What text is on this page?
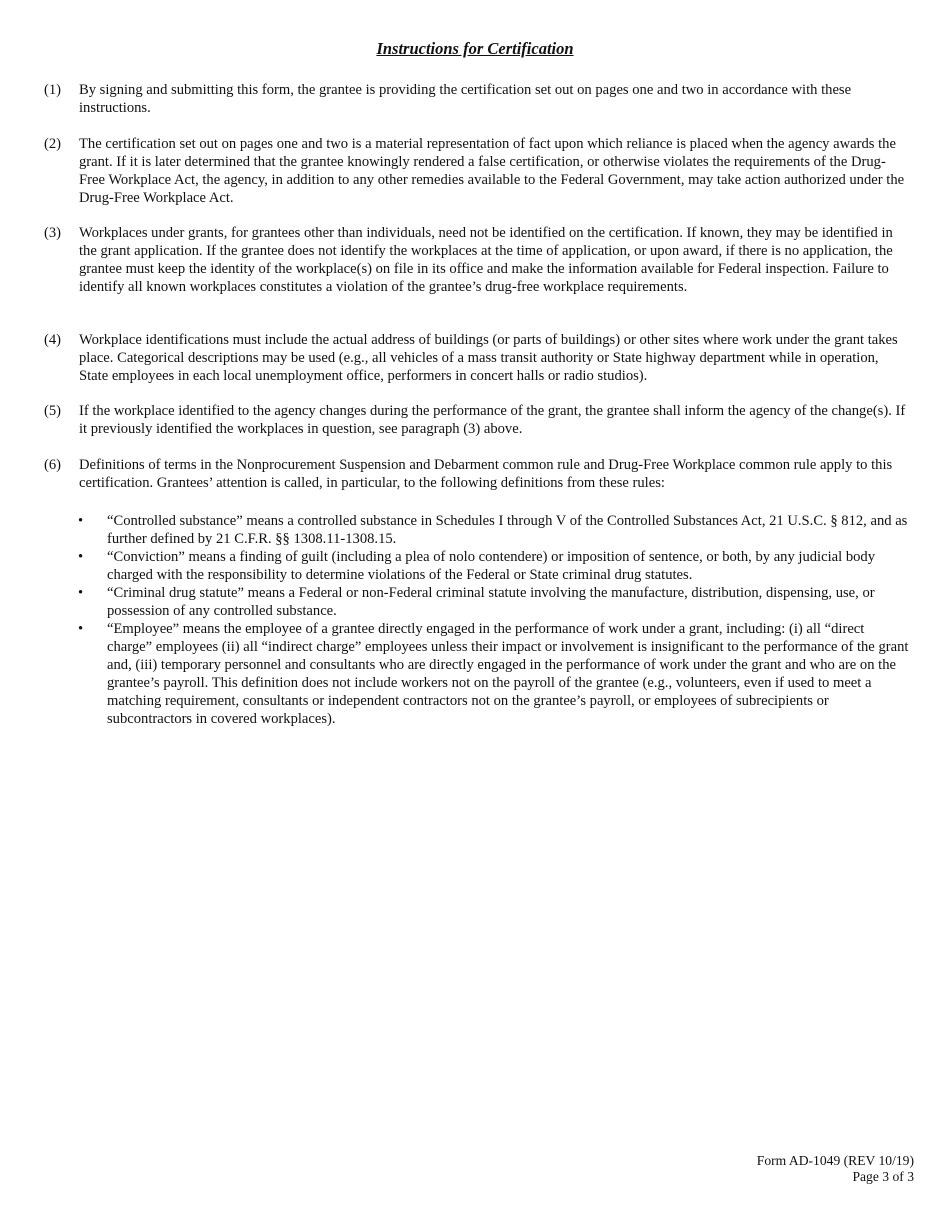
Instructions for Certification
(1)	By signing and submitting this form, the grantee is providing the certification set out on pages one and two in accordance with these instructions.
(2)	The certification set out on pages one and two is a material representation of fact upon which reliance is placed when the agency awards the grant. If it is later determined that the grantee knowingly rendered a false certification, or otherwise violates the requirements of the Drug-Free Workplace Act, the agency, in addition to any other remedies available to the Federal Government, may take action authorized under the Drug-Free Workplace Act.
(3)	Workplaces under grants, for grantees other than individuals, need not be identified on the certification. If known, they may be identified in the grant application. If the grantee does not identify the workplaces at the time of application, or upon award, if there is no application, the grantee must keep the identity of the workplace(s) on file in its office and make the information available for Federal inspection. Failure to identify all known workplaces constitutes a violation of the grantee’s drug-free workplace requirements.
(4)	Workplace identifications must include the actual address of buildings (or parts of buildings) or other sites where work under the grant takes place. Categorical descriptions may be used (e.g., all vehicles of a mass transit authority or State highway department while in operation, State employees in each local unemployment office, performers in concert halls or radio studios).
(5)	If the workplace identified to the agency changes during the performance of the grant, the grantee shall inform the agency of the change(s). If it previously identified the workplaces in question, see paragraph (3) above.
(6)	Definitions of terms in the Nonprocurement Suspension and Debarment common rule and Drug-Free Workplace common rule apply to this certification. Grantees’ attention is called, in particular, to the following definitions from these rules:
•	“Controlled substance” means a controlled substance in Schedules I through V of the Controlled Substances Act, 21 U.S.C. § 812, and as further defined by 21 C.F.R. §§ 1308.11-1308.15.
•	“Conviction” means a finding of guilt (including a plea of nolo contendere) or imposition of sentence, or both, by any judicial body charged with the responsibility to determine violations of the Federal or State criminal drug statutes.
•	“Criminal drug statute” means a Federal or non-Federal criminal statute involving the manufacture, distribution, dispensing, use, or possession of any controlled substance.
•	“Employee” means the employee of a grantee directly engaged in the performance of work under a grant, including: (i) all “direct charge” employees (ii) all “indirect charge” employees unless their impact or involvement is insignificant to the performance of the grant and, (iii) temporary personnel and consultants who are directly engaged in the performance of work under the grant and who are on the grantee’s payroll. This definition does not include workers not on the payroll of the grantee (e.g., volunteers, even if used to meet a matching requirement, consultants or independent contractors not on the grantee’s payroll, or employees of subrecipients or subcontractors in covered workplaces).
Form AD-1049 (REV 10/19)
Page 3 of 3
